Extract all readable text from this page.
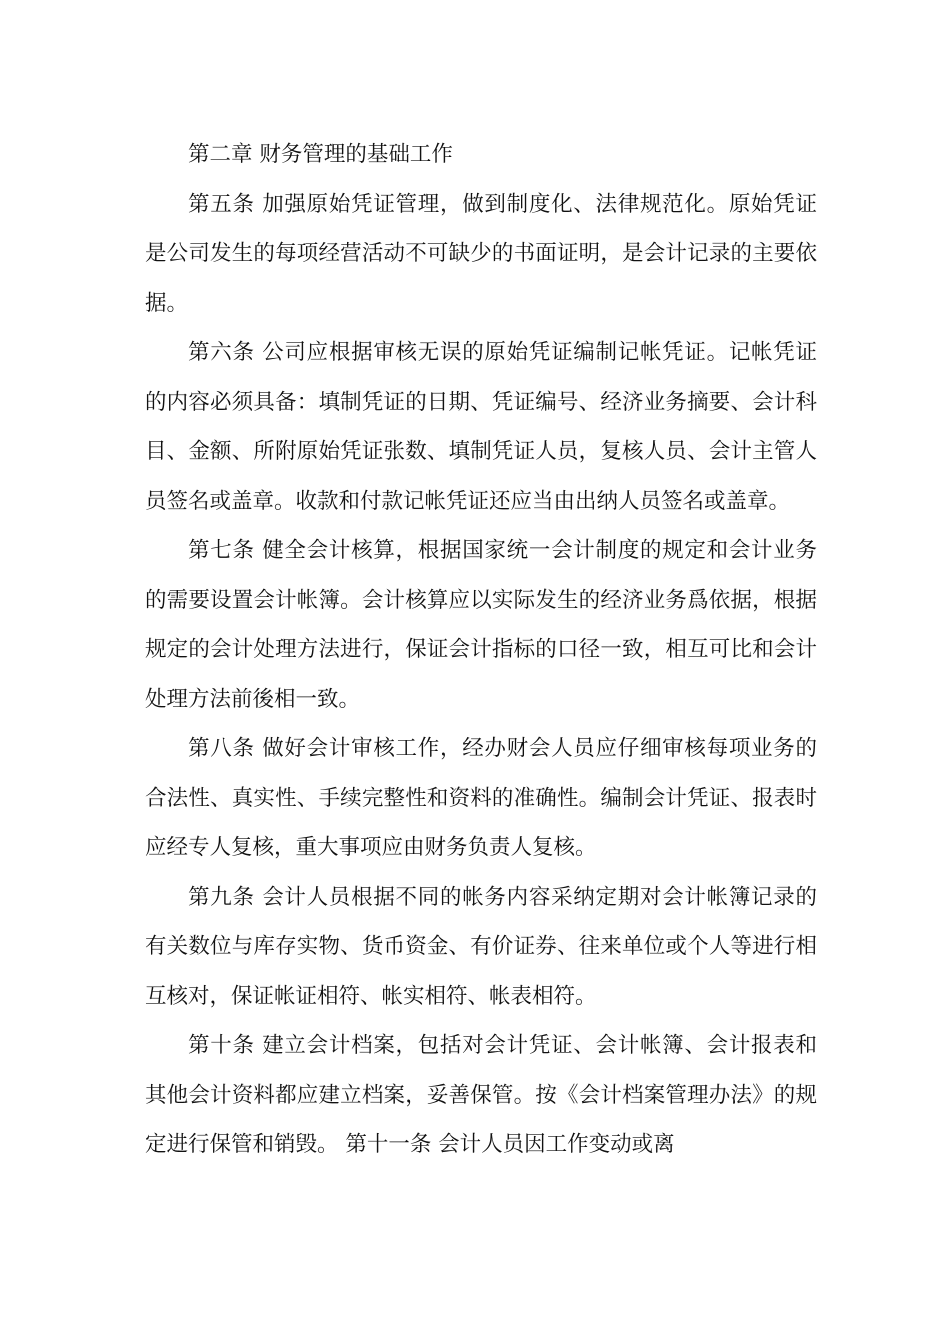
第二章 财务管理的基础工作

第五条 加强原始凭证管理，做到制度化、法律规范化。原始凭证是公司发生的每项经营活动不可缺少的书面证明，是会计记录的主要依据。

第六条 公司应根据审核无误的原始凭证编制记帐凭证。记帐凭证的内容必须具备：填制凭证的日期、凭证编号、经济业务摘要、会计科目、金额、所附原始凭证张数、填制凭证人员，复核人员、会计主管人员签名或盖章。收款和付款记帐凭证还应当由出纳人员签名或盖章。

第七条 健全会计核算，根据国家统一会计制度的规定和会计业务的需要设置会计帐簿。会计核算应以实际发生的经济业务爲依据，根据规定的会计处理方法进行，保证会计指标的口径一致，相互可比和会计处理方法前後相一致。

第八条 做好会计审核工作，经办财会人员应仔细审核每项业务的合法性、真实性、手续完整性和资料的准确性。编制会计凭证、报表时应经专人复核，重大事项应由财务负责人复核。

第九条 会计人员根据不同的帐务内容采纳定期对会计帐簿记录的有关数位与库存实物、货币资金、有价证券、往来单位或个人等进行相互核对，保证帐证相符、帐实相符、帐表相符。

第十条 建立会计档案，包括对会计凭证、会计帐簿、会计报表和其他会计资料都应建立档案，妥善保管。按《会计档案管理办法》的规定进行保管和销毁。 第十一条 会计人员因工作变动或离
